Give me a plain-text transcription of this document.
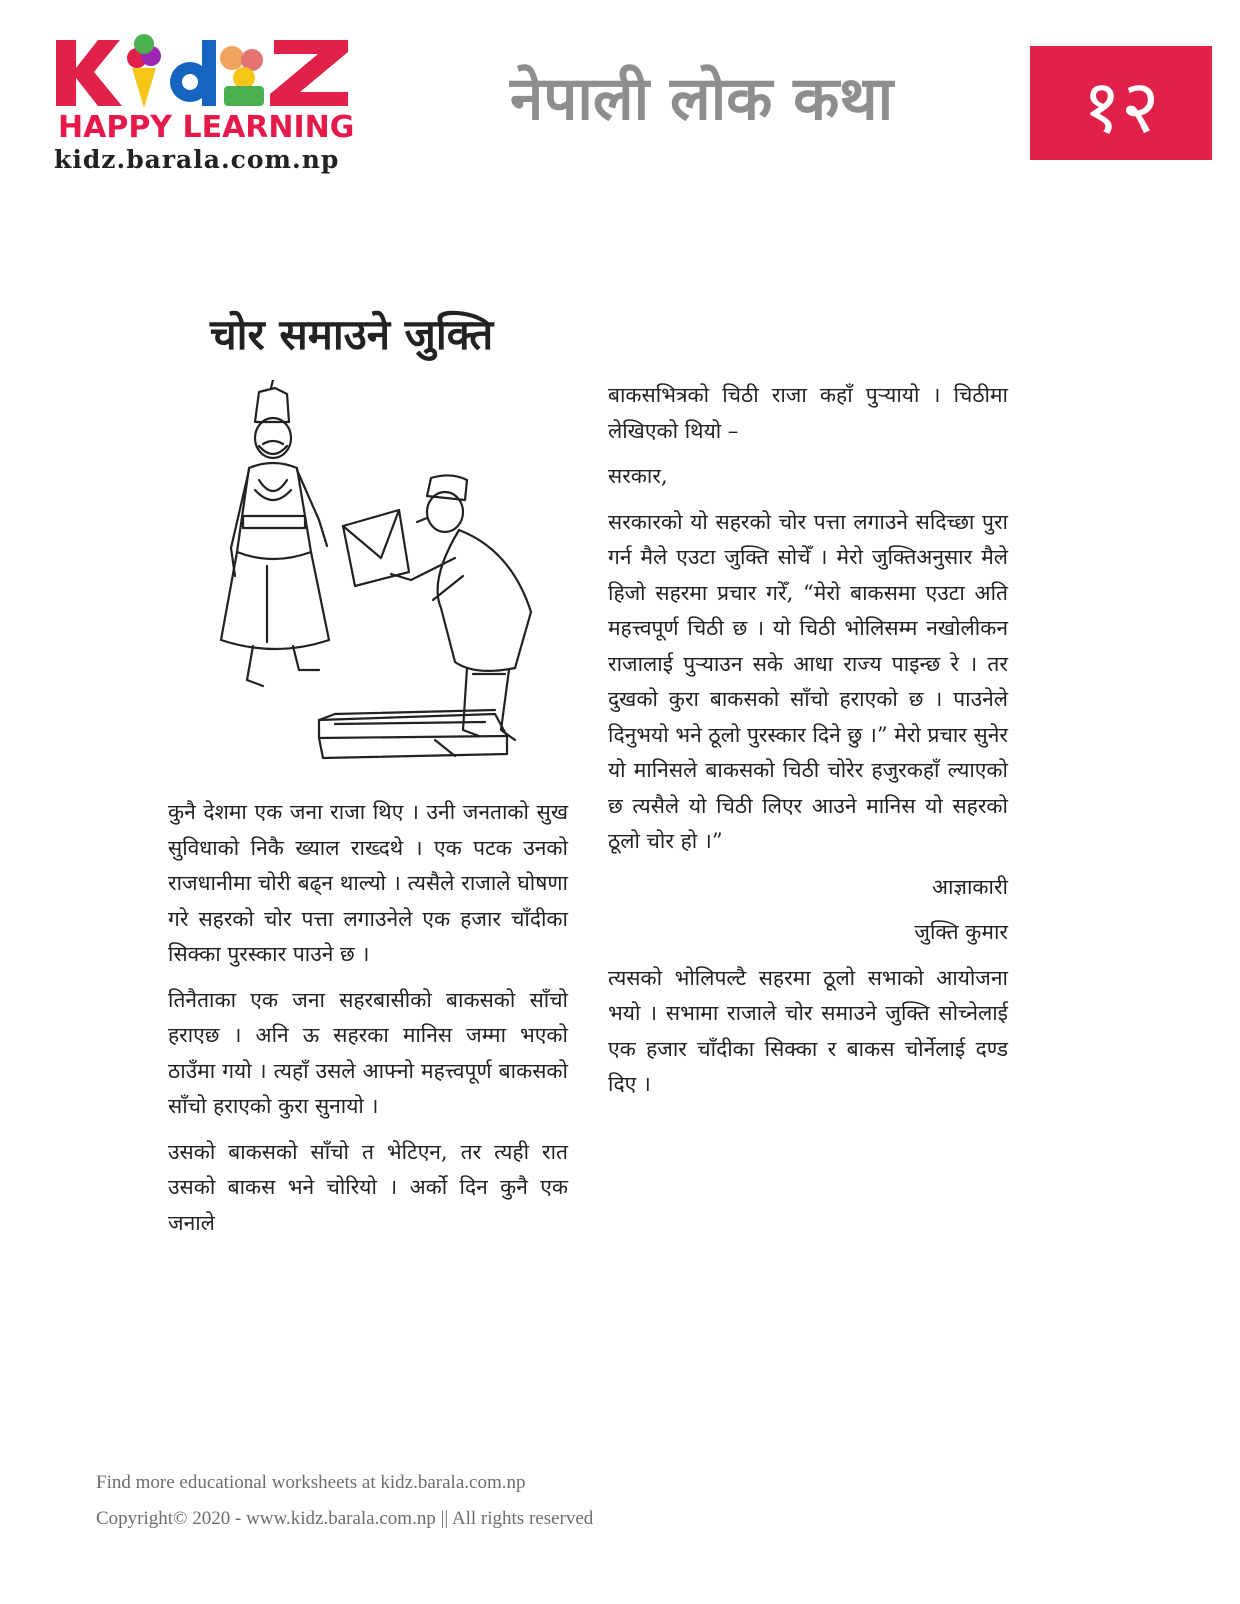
HAPPY LEARNING
kidz.barala.com.np
नेपाली लोक कथा	१२
चोर समाउने जुक्ति

कुनै देशमा एक जना राजा थिए । उनी जनताको सुख सुविधाको निकै ख्याल राख्दथे । एक पटक उनको राजधानीमा चोरी बढ्न थाल्यो । त्यसैले राजाले घोषणा गरे सहरको चोर पत्ता लगाउनेले एक हजार चाँदीका सिक्का पुरस्कार पाउने छ ।

तिनैताका एक जना सहरबासीको बाकसको साँचो हराएछ । अनि ऊ सहरका मानिस जम्मा भएको ठाउँमा गयो । त्यहाँ उसले आफ्नो महत्त्वपूर्ण बाकसको साँचो हराएको कुरा सुनायो ।

उसको बाकसको साँचो त भेटिएन, तर त्यही रात उसको बाकस भने चोरियो । अर्को दिन कुनै एक जनाले

बाकसभित्रको चिठी राजा कहाँ पुऱ्यायो । चिठीमा लेखिएको थियो –

सरकार,

सरकारको यो सहरको चोर पत्ता लगाउने सदिच्छा पुरा गर्न मैले एउटा जुक्ति सोचेँ । मेरो जुक्तिअनुसार मैले हिजो सहरमा प्रचार गरेँ, “मेरो बाकसमा एउटा अति महत्त्वपूर्ण चिठी छ । यो चिठी भोलिसम्म नखोलीकन राजालाई पुऱ्याउन सके आधा राज्य पाइन्छ रे । तर दुखको कुरा बाकसको साँचो हराएको छ । पाउनेले दिनुभयो भने ठूलो पुरस्कार दिने छु ।” मेरो प्रचार सुनेर यो मानिसले बाकसको चिठी चोरेर हजुरकहाँ ल्याएको छ त्यसैले यो चिठी लिएर आउने मानिस यो सहरको ठूलो चोर हो ।”

आज्ञाकारी

जुक्ति कुमार

त्यसको भोलिपल्टै सहरमा ठूलो सभाको आयोजना भयो । सभामा राजाले चोर समाउने जुक्ति सोच्नेलाई एक हजार चाँदीका सिक्का र बाकस चोर्नेलाई दण्ड दिए ।

Find more educational worksheets at kidz.barala.com.np
Copyright© 2020 - www.kidz.barala.com.np || All rights reserved
